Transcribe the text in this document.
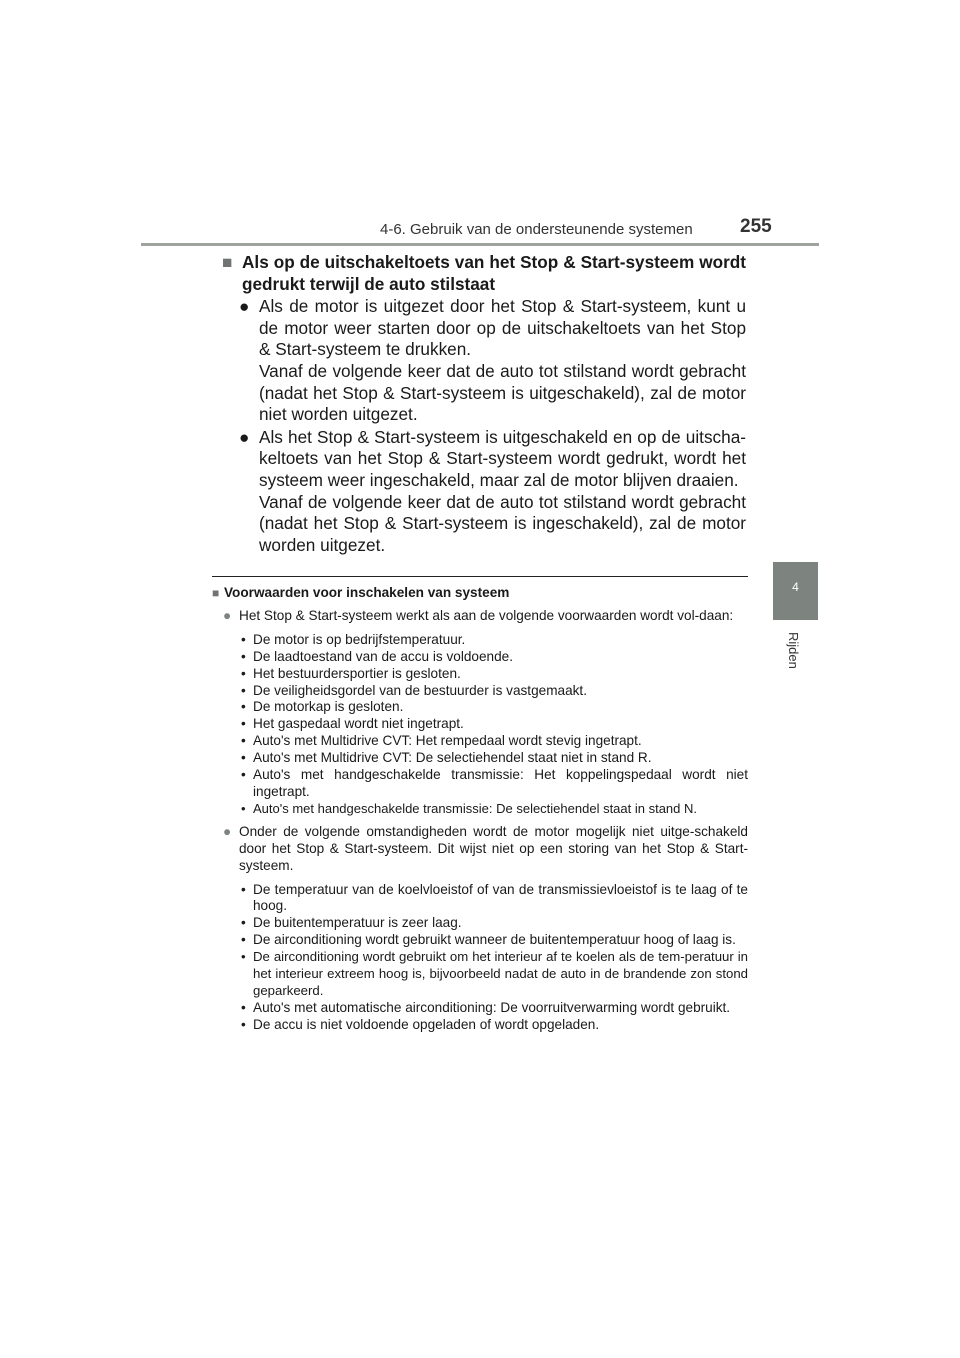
4-6. Gebruik van de ondersteunende systemen 255
4
Rijden
■ Als op de uitschakeltoets van het Stop & Start-systeem wordt gedrukt terwijl de auto stilstaat
● Als de motor is uitgezet door het Stop & Start-systeem, kunt u de motor weer starten door op de uitschakeltoets van het Stop & Start-systeem te drukken.

Vanaf de volgende keer dat de auto tot stilstand wordt gebracht (nadat het Stop & Start-systeem is uitgeschakeld), zal de motor niet worden uitgezet.

● Als het Stop & Start-systeem is uitgeschakeld en op de uitscha-keltoets van het Stop & Start-systeem wordt gedrukt, wordt het systeem weer ingeschakeld, maar zal de motor blijven draaien.

Vanaf de volgende keer dat de auto tot stilstand wordt gebracht (nadat het Stop & Start-systeem is ingeschakeld), zal de motor worden uitgezet.

■ Voorwaarden voor inschakelen van systeem
● Het Stop & Start-systeem werkt als aan de volgende voorwaarden wordt vol-daan:
• De motor is op bedrijfstemperatuur.
• De laadtoestand van de accu is voldoende.
• Het bestuurdersportier is gesloten.
• De veiligheidsgordel van de bestuurder is vastgemaakt.
• De motorkap is gesloten.
• Het gaspedaal wordt niet ingetrapt.
• Auto's met Multidrive CVT: Het rempedaal wordt stevig ingetrapt.
• Auto's met Multidrive CVT: De selectiehendel staat niet in stand R.
• Auto's met handgeschakelde transmissie: Het koppelingspedaal wordt niet ingetrapt.
• Auto's met handgeschakelde transmissie: De selectiehendel staat in stand N.
● Onder de volgende omstandigheden wordt de motor mogelijk niet uitge-schakeld door het Stop & Start-systeem. Dit wijst niet op een storing van het Stop & Start-systeem.
• De temperatuur van de koelvloeistof of van de transmissievloeistof is te laag of te hoog.
• De buitentemperatuur is zeer laag.
• De airconditioning wordt gebruikt wanneer de buitentemperatuur hoog of laag is.
• De airconditioning wordt gebruikt om het interieur af te koelen als de tem-peratuur in het interieur extreem hoog is, bijvoorbeeld nadat de auto in de brandende zon stond geparkeerd.
• Auto's met automatische airconditioning: De voorruitverwarming wordt gebruikt.
• De accu is niet voldoende opgeladen of wordt opgeladen.
